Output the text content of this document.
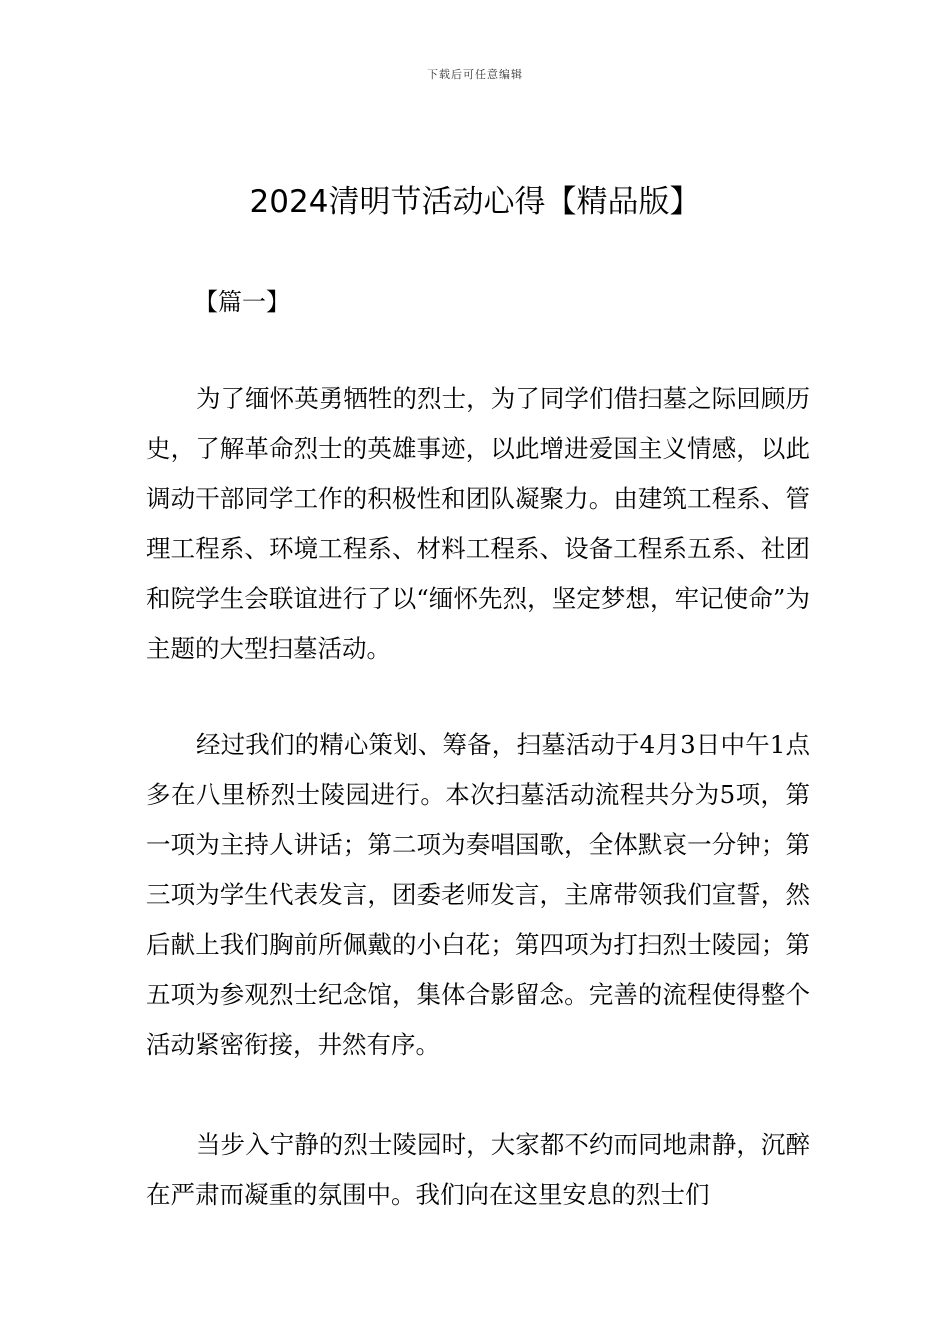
下载后可任意编辑
2024清明节活动心得【精品版】
【篇一】

为了缅怀英勇牺牲的烈士，为了同学们借扫墓之际回顾历史，了解革命烈士的英雄事迹，以此增进爱国主义情感，以此调动干部同学工作的积极性和团队凝聚力。由建筑工程系、管理工程系、环境工程系、材料工程系、设备工程系五系、社团和院学生会联谊进行了以“缅怀先烈，坚定梦想，牢记使命”为主题的大型扫墓活动。

经过我们的精心策划、筹备，扫墓活动于4月3日中午1点多在八里桥烈士陵园进行。本次扫墓活动流程共分为5项，第一项为主持人讲话；第二项为奏唱国歌，全体默哀一分钟；第三项为学生代表发言，团委老师发言，主席带领我们宣誓，然后献上我们胸前所佩戴的小白花；第四项为打扫烈士陵园；第五项为参观烈士纪念馆，集体合影留念。完善的流程使得整个活动紧密衔接，井然有序。

当步入宁静的烈士陵园时，大家都不约而同地肃静，沉醉在严肃而凝重的氛围中。我们向在这里安息的烈士们
